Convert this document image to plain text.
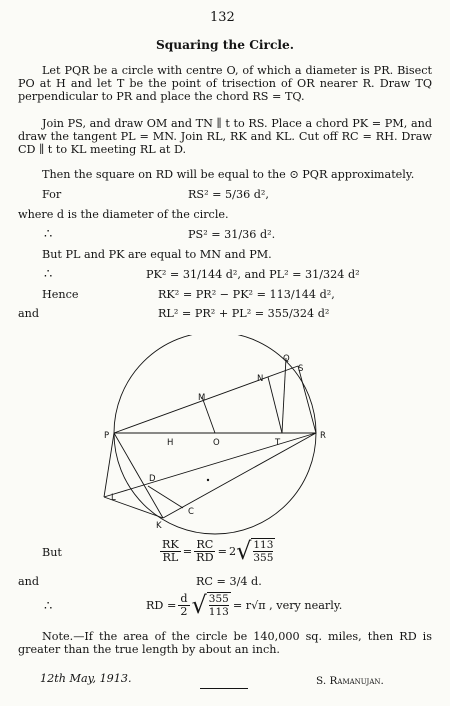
132
Squaring the Circle.
Let PQR be a circle with centre O, of which a diameter is PR. Bisect PO at H and let T be the point of trisection of OR nearer R. Draw TQ perpendicular to PR and place the chord RS = TQ.
Join PS, and draw OM and TN ∥ t to RS. Place a chord PK = PM, and draw the tangent PL = MN. Join RL, RK and KL. Cut off RC = RH. Draw CD ∥ t to KL meeting RL at D.
Then the square on RD will be equal to the ⊙ PQR approximately.
For	RS² = 5/36 d²,
where d is the diameter of the circle.
∴	PS² = 31/36 d².
But PL and PK are equal to MN and PM.
∴	PK² = 31/144 d², and PL² = 31/324 d²
Hence	RK² = PR² − PK² = 113/144 d²,
and	RL² = PR² + PL² = 355/324 d²
P	R
H	O	T
M
N
Q
S
L
K
D
C
But	$\frac{RK}{RL} = \frac{RC}{RD} = 2$ √ $\frac{113}{355}$
and	RC = 3/4 d.
∴	RD = $\frac{d}{2}$ √ $\frac{355}{113} = r√\pi$ , very nearly.
Note.—If the area of the circle be 140,000 sq. miles, then RD is greater than the true length by about an inch.
12th May, 1913.	S. Ramanujan.
